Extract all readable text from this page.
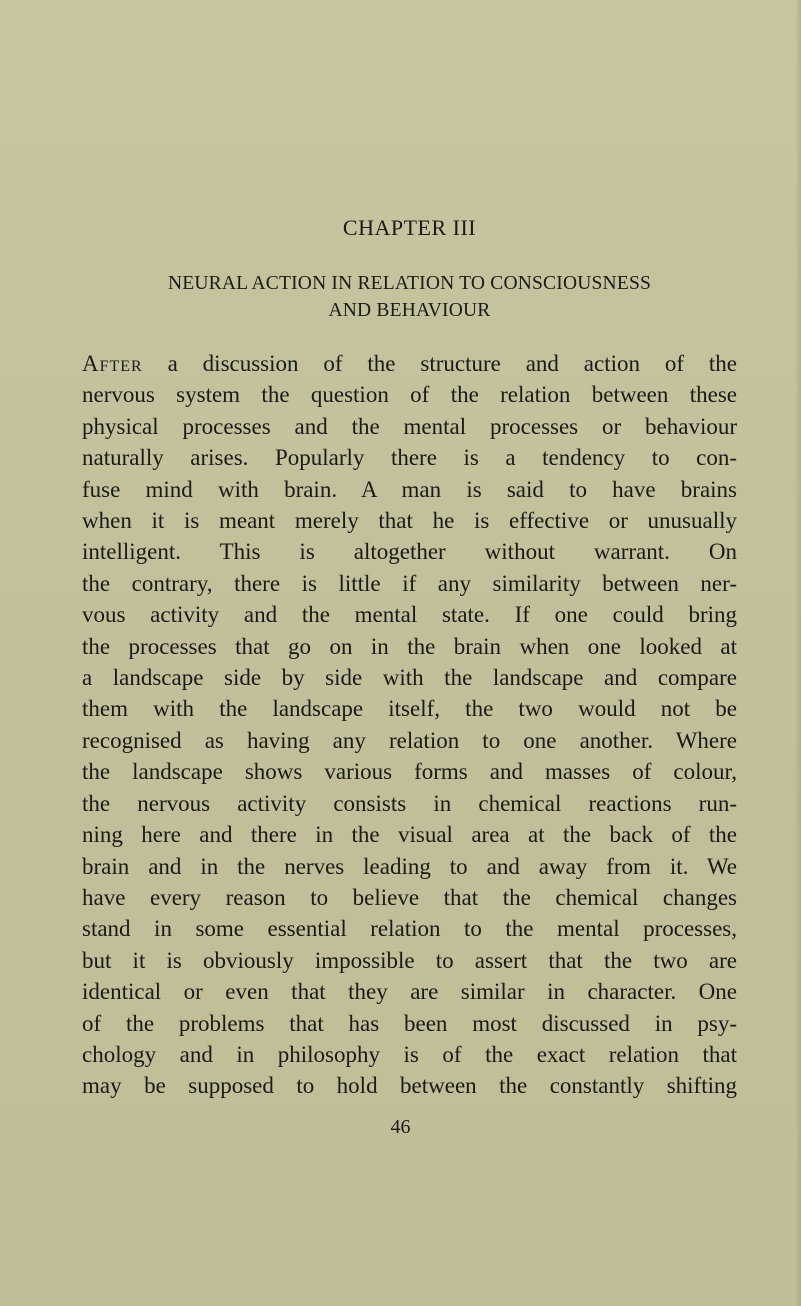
CHAPTER III
NEURAL ACTION IN RELATION TO CONSCIOUSNESS
AND BEHAVIOUR
After a discussion of the structure and action of the
nervous system the question of the relation between these
physical processes and the mental processes or behaviour
naturally arises. Popularly there is a tendency to con-
fuse mind with brain. A man is said to have brains
when it is meant merely that he is effective or unusually
intelligent. This is altogether without warrant. On
the contrary, there is little if any similarity between ner-
vous activity and the mental state. If one could bring
the processes that go on in the brain when one looked at
a landscape side by side with the landscape and compare
them with the landscape itself, the two would not be
recognised as having any relation to one another. Where
the landscape shows various forms and masses of colour,
the nervous activity consists in chemical reactions run-
ning here and there in the visual area at the back of the
brain and in the nerves leading to and away from it. We
have every reason to believe that the chemical changes
stand in some essential relation to the mental processes,
but it is obviously impossible to assert that the two are
identical or even that they are similar in character. One
of the problems that has been most discussed in psy-
chology and in philosophy is of the exact relation that
may be supposed to hold between the constantly shifting
46
